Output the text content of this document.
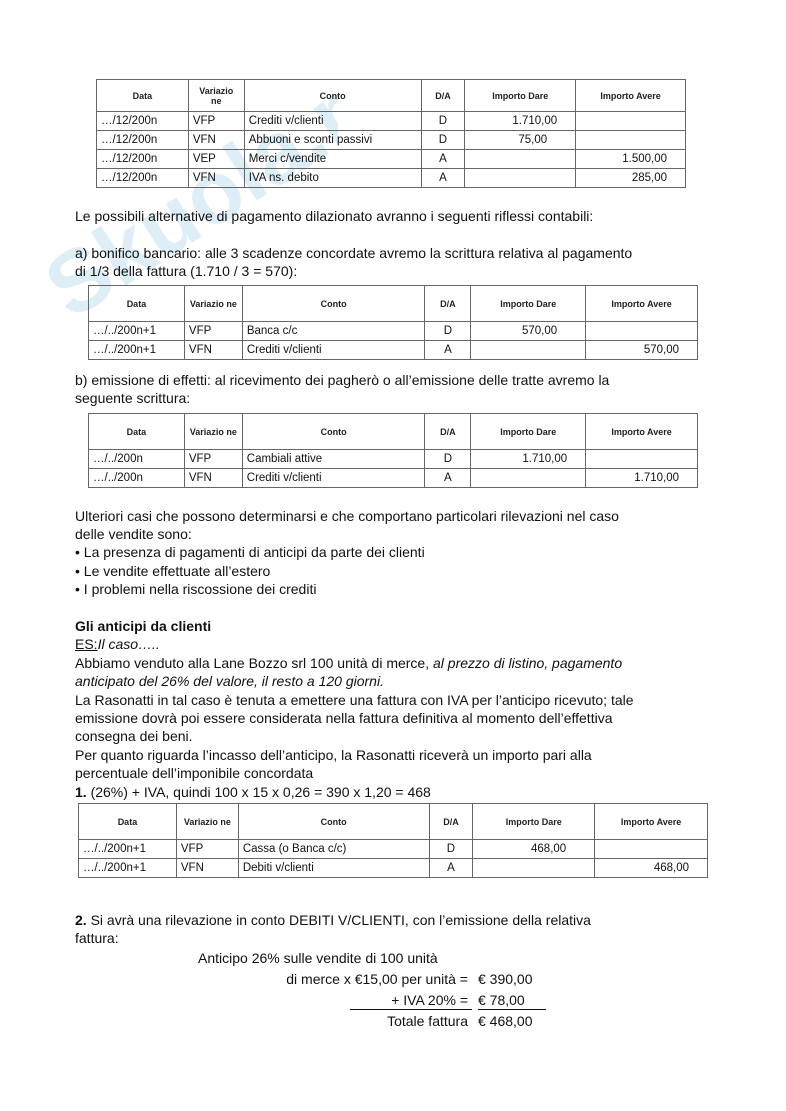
Skuola.net
Data	Variazio ne	Conto	D/A	Importo Dare	Importo Avere
…/12/200n	VFP	Crediti v/clienti	D	1.710,00	
…/12/200n	VFN	Abbuoni e sconti passivi	D	75,00	
…/12/200n	VEP	Merci c/vendite	A		1.500,00
…/12/200n	VFN	IVA ns. debito	A		285,00
Le possibili alternative di pagamento dilazionato avranno i seguenti riflessi contabili:
a) bonifico bancario: alle 3 scadenze concordate avremo la scrittura relativa al pagamento
di 1/3 della fattura (1.710 / 3 = 570):
Data	Variazio ne	Conto	D/A	Importo Dare	Importo Avere
…/../200n+1	VFP	Banca c/c	D	570,00	
…/../200n+1	VFN	Crediti v/clienti	A		570,00
b) emissione di effetti: al ricevimento dei pagherò o all’emissione delle tratte avremo la
seguente scrittura:
Data	Variazio ne	Conto	D/A	Importo Dare	Importo Avere
…/../200n	VFP	Cambiali attive	D	1.710,00	
…/../200n	VFN	Crediti v/clienti	A		1.710,00
Ulteriori casi che possono determinarsi e che comportano particolari rilevazioni nel caso
delle vendite sono:
• La presenza di pagamenti di anticipi da parte dei clienti
• Le vendite effettuate all’estero
• I problemi nella riscossione dei crediti
Gli anticipi da clienti
ES:Il caso…..
Abbiamo venduto alla Lane Bozzo srl 100 unità di merce, al prezzo di listino, pagamento
anticipato del 26% del valore, il resto a 120 giorni.
La Rasonatti in tal caso è tenuta a emettere una fattura con IVA per l’anticipo ricevuto; tale
emissione dovrà poi essere considerata nella fattura definitiva al momento dell’effettiva
consegna dei beni.
Per quanto riguarda l’incasso dell’anticipo, la Rasonatti riceverà un importo pari alla
percentuale dell’imponibile concordata
1. (26%) + IVA, quindi 100 x 15 x 0,26 = 390 x 1,20 = 468
Data	Variazio ne	Conto	D/A	Importo Dare	Importo Avere
…/../200n+1	VFP	Cassa (o Banca c/c)	D	468,00	
…/../200n+1	VFN	Debiti v/clienti	A		468,00
2. Si avrà una rilevazione in conto DEBITI V/CLIENTI, con l’emissione della relativa
fattura:
Anticipo 26% sulle vendite di 100 unità
di merce x €15,00 per unità = € 390,00
+ IVA 20% = € 78,00
Totale fattura € 468,00
